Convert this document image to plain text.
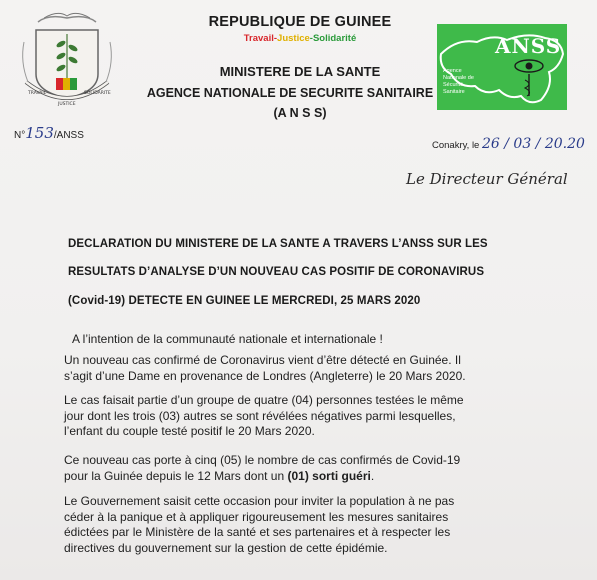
TRAVAIL
JUSTICE
SOLIDARITE
REPUBLIQUE DE GUINEE
Travail-Justice-Solidarité
MINISTERE DE LA SANTE
AGENCE NATIONALE DE SECURITE SANITAIRE
(A N S S)
ANSS
Agence
Nationale de
Sécurité
Sanitaire
N°153/ANSS
Conakry, le 26 / 03 / 20.20
Le Directeur Général
DECLARATION DU MINISTERE DE LA SANTE A TRAVERS L’ANSS SUR LES
RESULTATS D’ANALYSE D’UN NOUVEAU CAS POSITIF DE CORONAVIRUS
(Covid-19) DETECTE EN GUINEE LE MERCREDI, 25 MARS 2020
A l’intention de la communauté nationale et internationale !
Un nouveau cas confirmé de Coronavirus vient d’être détecté en Guinée. Il
s’agit d’une Dame en provenance de Londres (Angleterre) le 20 Mars 2020.
Le cas faisait partie d’un groupe de quatre (04) personnes testées le même
jour dont les trois (03) autres se sont révélées négatives parmi lesquelles,
l’enfant du couple testé positif le 20 Mars 2020.
Ce nouveau cas porte à cinq (05) le nombre de cas confirmés de Covid-19
pour la Guinée depuis le 12 Mars dont un (01) sorti guéri.
Le Gouvernement saisit cette occasion pour inviter la population à ne pas
céder à la panique et à appliquer rigoureusement les mesures sanitaires
édictées par le Ministère de la santé et ses partenaires et à respecter les
directives du gouvernement sur la gestion de cette épidémie.
